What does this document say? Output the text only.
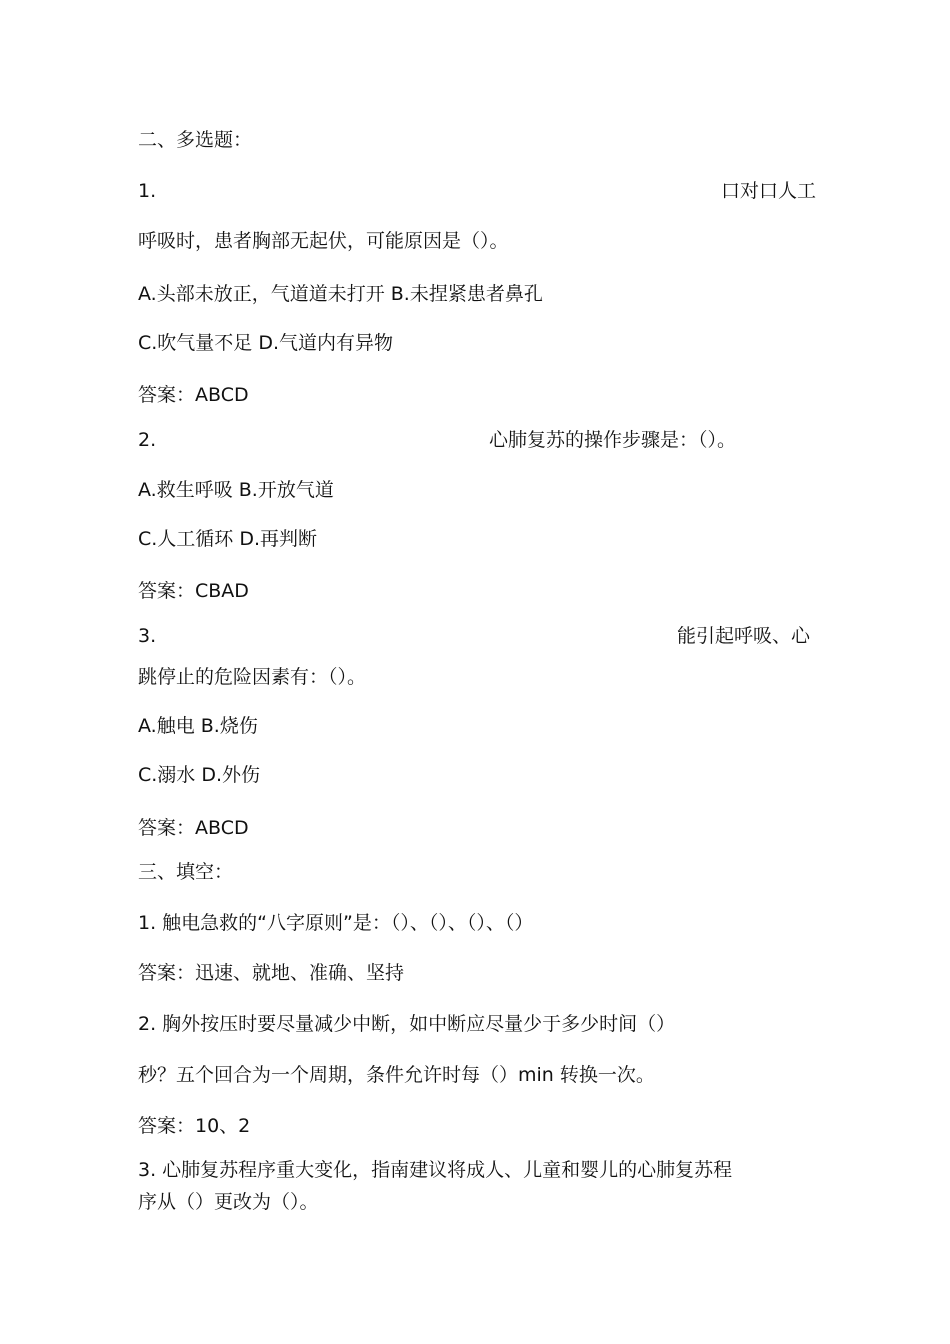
二、多选题：
1.	口对口人工
呼吸时，患者胸部无起伏，可能原因是（）。
A.头部未放正，气道道未打开 B.未捏紧患者鼻孔
C.吹气量不足 D.气道内有异物
答案：ABCD
2.	心肺复苏的操作步骤是：（）。
A.救生呼吸 B.开放气道
C.人工循环 D.再判断
答案：CBAD
3.	能引起呼吸、心
跳停止的危险因素有：（）。
A.触电 B.烧伤
C.溺水 D.外伤
答案：ABCD
三、填空：
1. 触电急救的“八字原则”是：（）、（）、（）、（）
答案：迅速、就地、准确、坚持
2. 胸外按压时要尽量减少中断，如中断应尽量少于多少时间（）
秒？五个回合为一个周期，条件允许时每（）min 转换一次。
答案：10、2
3. 心肺复苏程序重大变化，指南建议将成人、儿童和婴儿的心肺复苏程
序从（）更改为（）。
